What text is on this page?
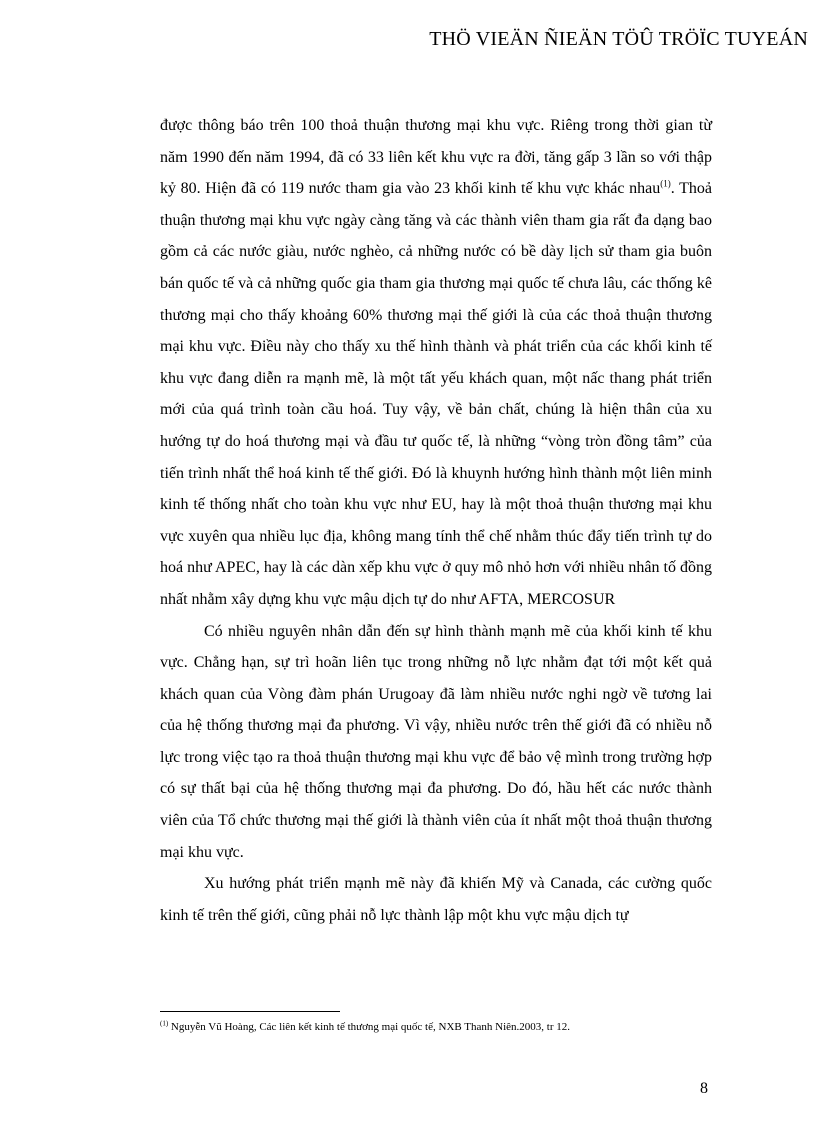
THÖ VIEÄN ÑIEÄN TÖÛ TRÖÏC TUYEÁN

được thông báo trên 100 thoả thuận thương mại khu vực. Riêng trong thời gian từ năm 1990 đến năm 1994, đã có 33 liên kết khu vực ra đời, tăng gấp 3 lần so với thập kỷ 80. Hiện đã có 119 nước tham gia vào 23 khối kinh tế khu vực khác nhau$^{(1)}$. Thoả thuận thương mại khu vực ngày càng tăng và các thành viên tham gia rất đa dạng bao gồm cả các nước giàu, nước nghèo, cả những nước có bề dày lịch sử tham gia buôn bán quốc tế và cả những quốc gia tham gia thương mại quốc tế chưa lâu, các thống kê thương mại cho thấy khoảng 60% thương mại thế giới là của các thoả thuận thương mại khu vực. Điều này cho thấy xu thế hình thành và phát triển của các khối kinh tế khu vực đang diễn ra mạnh mẽ, là một tất yếu khách quan, một nấc thang phát triển mới của quá trình toàn cầu hoá. Tuy vậy, về bản chất, chúng là hiện thân của xu hướng tự do hoá thương mại và đầu tư quốc tế, là những “vòng tròn đồng tâm” của tiến trình nhất thể hoá kinh tế thế giới. Đó là khuynh hướng hình thành một liên minh kinh tế thống nhất cho toàn khu vực như EU, hay là một thoả thuận thương mại khu vực xuyên qua nhiều lục địa, không mang tính thể chế nhằm thúc đẩy tiến trình tự do hoá như APEC, hay là các dàn xếp khu vực ở quy mô nhỏ hơn với nhiều nhân tố đồng nhất nhằm xây dựng khu vực mậu dịch tự do như AFTA, MERCOSUR

Có nhiều nguyên nhân dẫn đến sự hình thành mạnh mẽ của khối kinh tế khu vực. Chẳng hạn, sự trì hoãn liên tục trong những nỗ lực nhằm đạt tới một kết quả khách quan của Vòng đàm phán Urugoay đã làm nhiều nước nghi ngờ về tương lai của hệ thống thương mại đa phương. Vì vậy, nhiều nước trên thế giới đã có nhiều nỗ lực trong việc tạo ra thoả thuận thương mại khu vực để bảo vệ mình trong trường hợp có sự thất bại của hệ thống thương mại đa phương. Do đó, hầu hết các nước thành viên của Tổ chức thương mại thế giới là thành viên của ít nhất một thoả thuận thương mại khu vực.

Xu hướng phát triển mạnh mẽ này đã khiến Mỹ và Canada, các cường quốc kinh tế trên thế giới, cũng phải nỗ lực thành lập một khu vực mậu dịch tự

$^{(1)}$ Nguyễn Vũ Hoàng, Các liên kết kinh tế thương mại quốc tế, NXB Thanh Niên.2003, tr 12.
8
